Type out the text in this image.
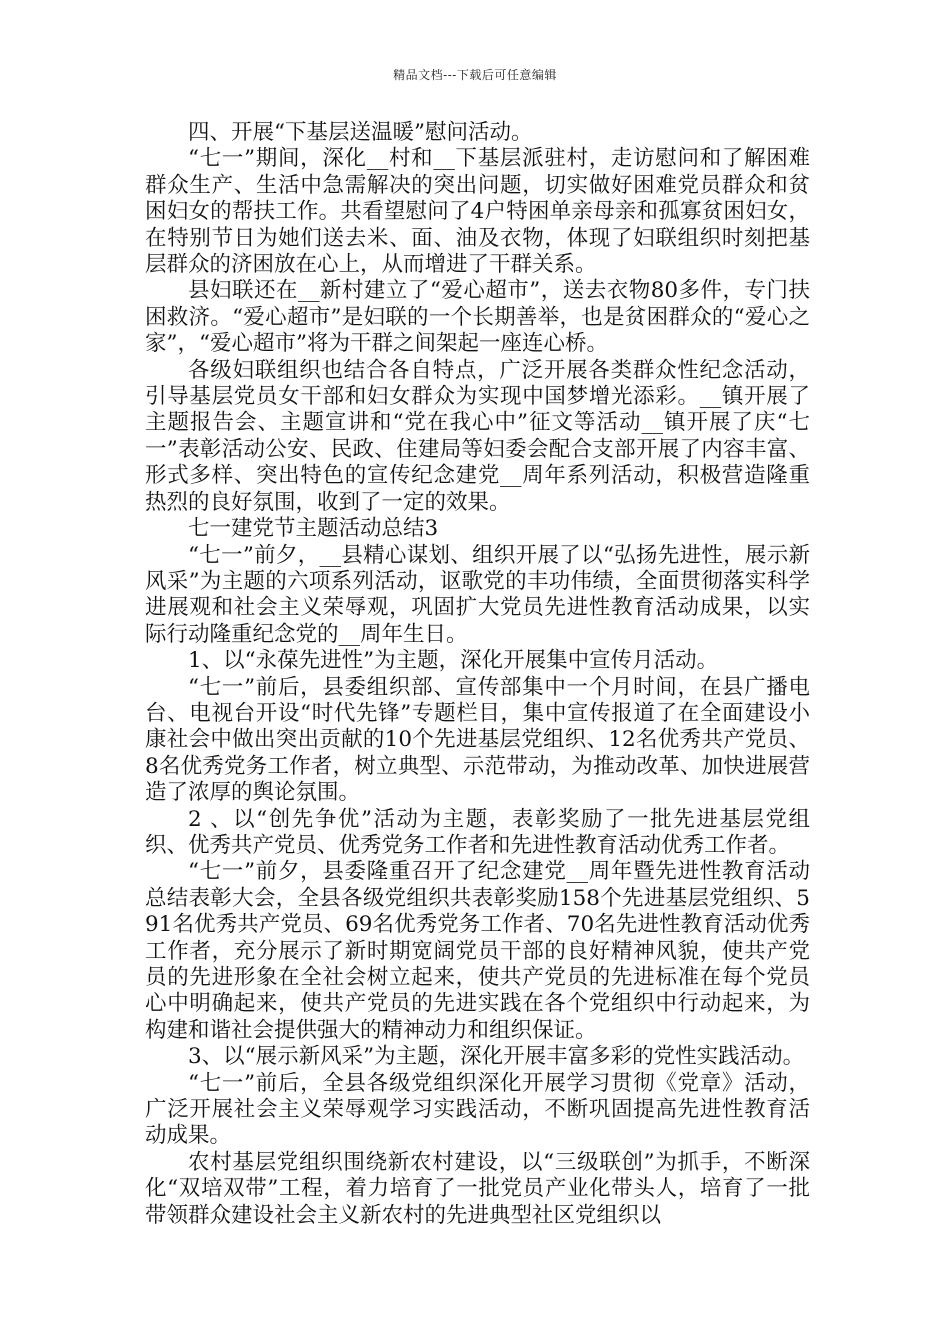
精品文档---下载后可任意编辑

四、开展“下基层送温暖”慰问活动。

“七一”期间，深化__村和__下基层派驻村，走访慰问和了解困难群众生产、生活中急需解决的突出问题，切实做好困难党员群众和贫困妇女的帮扶工作。共看望慰问了4户特困单亲母亲和孤寡贫困妇女，在特别节日为她们送去米、面、油及衣物，体现了妇联组织时刻把基层群众的济困放在心上，从而增进了干群关系。

县妇联还在__新村建立了“爱心超市”，送去衣物80多件，专门扶困救济。“爱心超市”是妇联的一个长期善举，也是贫困群众的“爱心之家”，“爱心超市”将为干群之间架起一座连心桥。

各级妇联组织也结合各自特点，广泛开展各类群众性纪念活动，引导基层党员女干部和妇女群众为实现中国梦增光添彩。__镇开展了主题报告会、主题宣讲和“党在我心中”征文等活动__镇开展了庆“七一”表彰活动公安、民政、住建局等妇委会配合支部开展了内容丰富、形式多样、突出特色的宣传纪念建党__周年系列活动，积极营造隆重热烈的良好氛围，收到了一定的效果。

七一建党节主题活动总结3

“七一”前夕，__县精心谋划、组织开展了以“弘扬先进性，展示新风采”为主题的六项系列活动，讴歌党的丰功伟绩，全面贯彻落实科学进展观和社会主义荣辱观，巩固扩大党员先进性教育活动成果，以实际行动隆重纪念党的__周年生日。

1、以“永葆先进性”为主题，深化开展集中宣传月活动。

“七一”前后，县委组织部、宣传部集中一个月时间，在县广播电台、电视台开设“时代先锋”专题栏目，集中宣传报道了在全面建设小康社会中做出突出贡献的10个先进基层党组织、12名优秀共产党员、8名优秀党务工作者，树立典型、示范带动，为推动改革、加快进展营造了浓厚的舆论氛围。

2 、以“创先争优”活动为主题，表彰奖励了一批先进基层党组织、优秀共产党员、优秀党务工作者和先进性教育活动优秀工作者。

“七一”前夕，县委隆重召开了纪念建党__周年暨先进性教育活动总结表彰大会，全县各级党组织共表彰奖励158个先进基层党组织、591名优秀共产党员、69名优秀党务工作者、70名先进性教育活动优秀工作者，充分展示了新时期宽阔党员干部的良好精神风貌，使共产党员的先进形象在全社会树立起来，使共产党员的先进标准在每个党员心中明确起来，使共产党员的先进实践在各个党组织中行动起来，为构建和谐社会提供强大的精神动力和组织保证。

3、以“展示新风采”为主题，深化开展丰富多彩的党性实践活动。

“七一”前后，全县各级党组织深化开展学习贯彻《党章》活动，广泛开展社会主义荣辱观学习实践活动，不断巩固提高先进性教育活动成果。

农村基层党组织围绕新农村建设，以“三级联创”为抓手，不断深化“双培双带”工程，着力培育了一批党员产业化带头人，培育了一批带领群众建设社会主义新农村的先进典型社区党组织以
